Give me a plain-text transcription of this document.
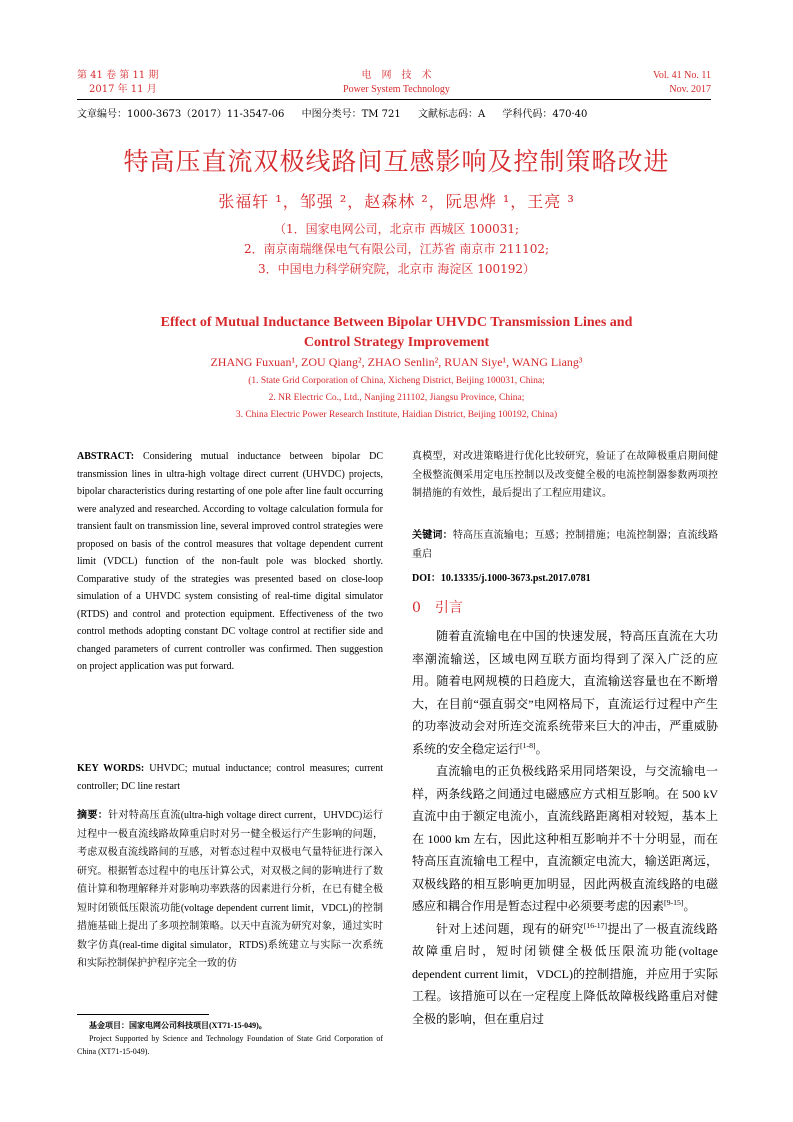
第 41 卷 第 11 期
2017 年 11 月
电　网　技　术
Power System Technology
Vol. 41 No. 11
Nov. 2017
文章编号：1000-3673（2017）11-3547-06 中图分类号：TM 721 文献标志码：A 学科代码：470·40
特高压直流双极线路间互感影响及控制策略改进
张福轩 ¹，邹强 ²，赵森林 ²，阮思烨 ¹，王亮 ³
（1．国家电网公司，北京市 西城区 100031;
2．南京南瑞继保电气有限公司，江苏省 南京市 211102;
3．中国电力科学研究院，北京市 海淀区 100192）
Effect of Mutual Inductance Between Bipolar UHVDC Transmission Lines and
Control Strategy Improvement
ZHANG Fuxuan¹, ZOU Qiang², ZHAO Senlin², RUAN Siye¹, WANG Liang³
(1. State Grid Corporation of China, Xicheng District, Beijing 100031, China;
2. NR Electric Co., Ltd., Nanjing 211102, Jiangsu Province, China;
3. China Electric Power Research Institute, Haidian District, Beijing 100192, China)
ABSTRACT: Considering mutual inductance between bipolar DC transmission lines in ultra-high voltage direct current (UHVDC) projects, bipolar characteristics during restarting of one pole after line fault occurring were analyzed and researched. According to voltage calculation formula for transient fault on transmission line, several improved control strategies were proposed on basis of the control measures that voltage dependent current limit (VDCL) function of the non-fault pole was blocked shortly. Comparative study of the strategies was presented based on close-loop simulation of a UHVDC system consisting of real-time digital simulator (RTDS) and control and protection equipment. Effectiveness of the two control methods adopting constant DC voltage control at rectifier side and changed parameters of current controller was confirmed. Then suggestion on project application was put forward.
KEY WORDS: UHVDC; mutual inductance; control measures; current controller; DC line restart
摘要：针对特高压直流(ultra-high voltage direct current，UHVDC)运行过程中一极直流线路故障重启时对另一健全极运行产生影响的问题，考虑双极直流线路间的互感，对暂态过程中双极电气量特征进行深入研究。根据暂态过程中的电压计算公式，对双极之间的影响进行了数值计算和物理解释并对影响功率跌落的因素进行分析，在已有健全极短时闭锁低压限流功能(voltage dependent current limit，VDCL)的控制措施基础上提出了多项控制策略。以天中直流为研究对象，通过实时数字仿真(real-time digital simulator，RTDS)系统建立与实际一次系统和实际控制保护护程序完全一致的仿
基金项目：国家电网公司科技项目(XT71-15-049)。
Project Supported by Science and Technology Foundation of State Grid Corporation of China (XT71-15-049).
真模型，对改进策略进行优化比较研究，验证了在故障极重启期间健全极整流侧采用定电压控制以及改变健全极的电流控制器参数两项控制措施的有效性，最后提出了工程应用建议。
关键词：特高压直流输电；互感；控制措施；电流控制器；直流线路重启
DOI：10.13335/j.1000-3673.pst.2017.0781
0　引言
随着直流输电在中国的快速发展，特高压直流在大功率潮流输送，区域电网互联方面均得到了深入广泛的应用。随着电网规模的日趋庞大，直流输送容量也在不断增大，在目前“强直弱交”电网格局下，直流运行过程中产生的功率波动会对所连交流系统带来巨大的冲击，严重威胁系统的安全稳定运行[1-8]。
直流输电的正负极线路采用同塔架设，与交流输电一样，两条线路之间通过电磁感应方式相互影响。在 500 kV 直流中由于额定电流小，直流线路距离相对较短，基本上在 1000 km 左右，因此这种相互影响并不十分明显，而在特高压直流输电工程中，直流额定电流大，输送距离远，双极线路的相互影响更加明显，因此两极直流线路的电磁感应和耦合作用是暂态过程中必须要考虑的因素[9-15]。
针对上述问题，现有的研究[16-17]提出了一极直流线路故障重启时，短时闭锁健全极低压限流功能(voltage dependent current limit，VDCL)的控制措施，并应用于实际工程。该措施可以在一定程度上降低故障极线路重启对健全极的影响，但在重启过
